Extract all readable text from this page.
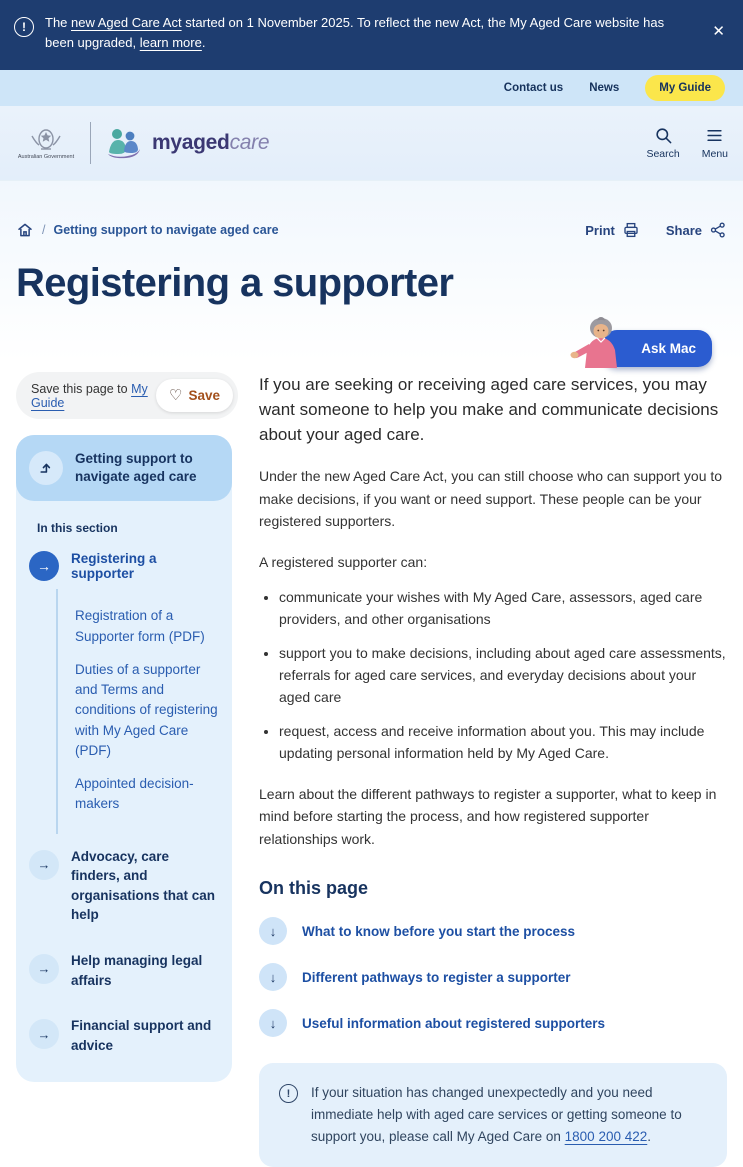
!	The new Aged Care Act started on 1 November 2025. To reflect the new Act, the My Aged Care website has been upgraded, learn more.
✕
Contact us News	My Guide
Australian Government
myagedcare	Search Menu
/ Getting support to navigate aged care	Print	Share
Registering a supporter
Ask Mac
Save this page to My Guide	♡ Save
Getting support to navigate aged care
In this section
→	Registering a supporter
Registration of a Supporter form (PDF)
Duties of a supporter and Terms and conditions of registering with My Aged Care (PDF)
Appointed decision-makers
→
Advocacy, care finders, and organisations that can help
→
Help managing legal affairs
→
Financial support and advice

If you are seeking or receiving aged care services, you may want someone to help you make and communicate decisions about your aged care.

Under the new Aged Care Act, you can still choose who can support you to make decisions, if you want or need support. These people can be your registered supporters.

A registered supporter can:

• communicate your wishes with My Aged Care, assessors, aged care providers, and other organisations
• support you to make decisions, including about aged care assessments, referrals for aged care services, and everyday decisions about your aged care
• request, access and receive information about you. This may include updating personal information held by My Aged Care.

Learn about the different pathways to register a supporter, what to keep in mind before starting the process, and how registered supporter relationships work.

On this page
↓	What to know before you start the process
↓	Different pathways to register a supporter
↓	Useful information about registered supporters
!	If your situation has changed unexpectedly and you need immediate help with aged care services or getting someone to support you, please call My Aged Care on 1800 200 422.
